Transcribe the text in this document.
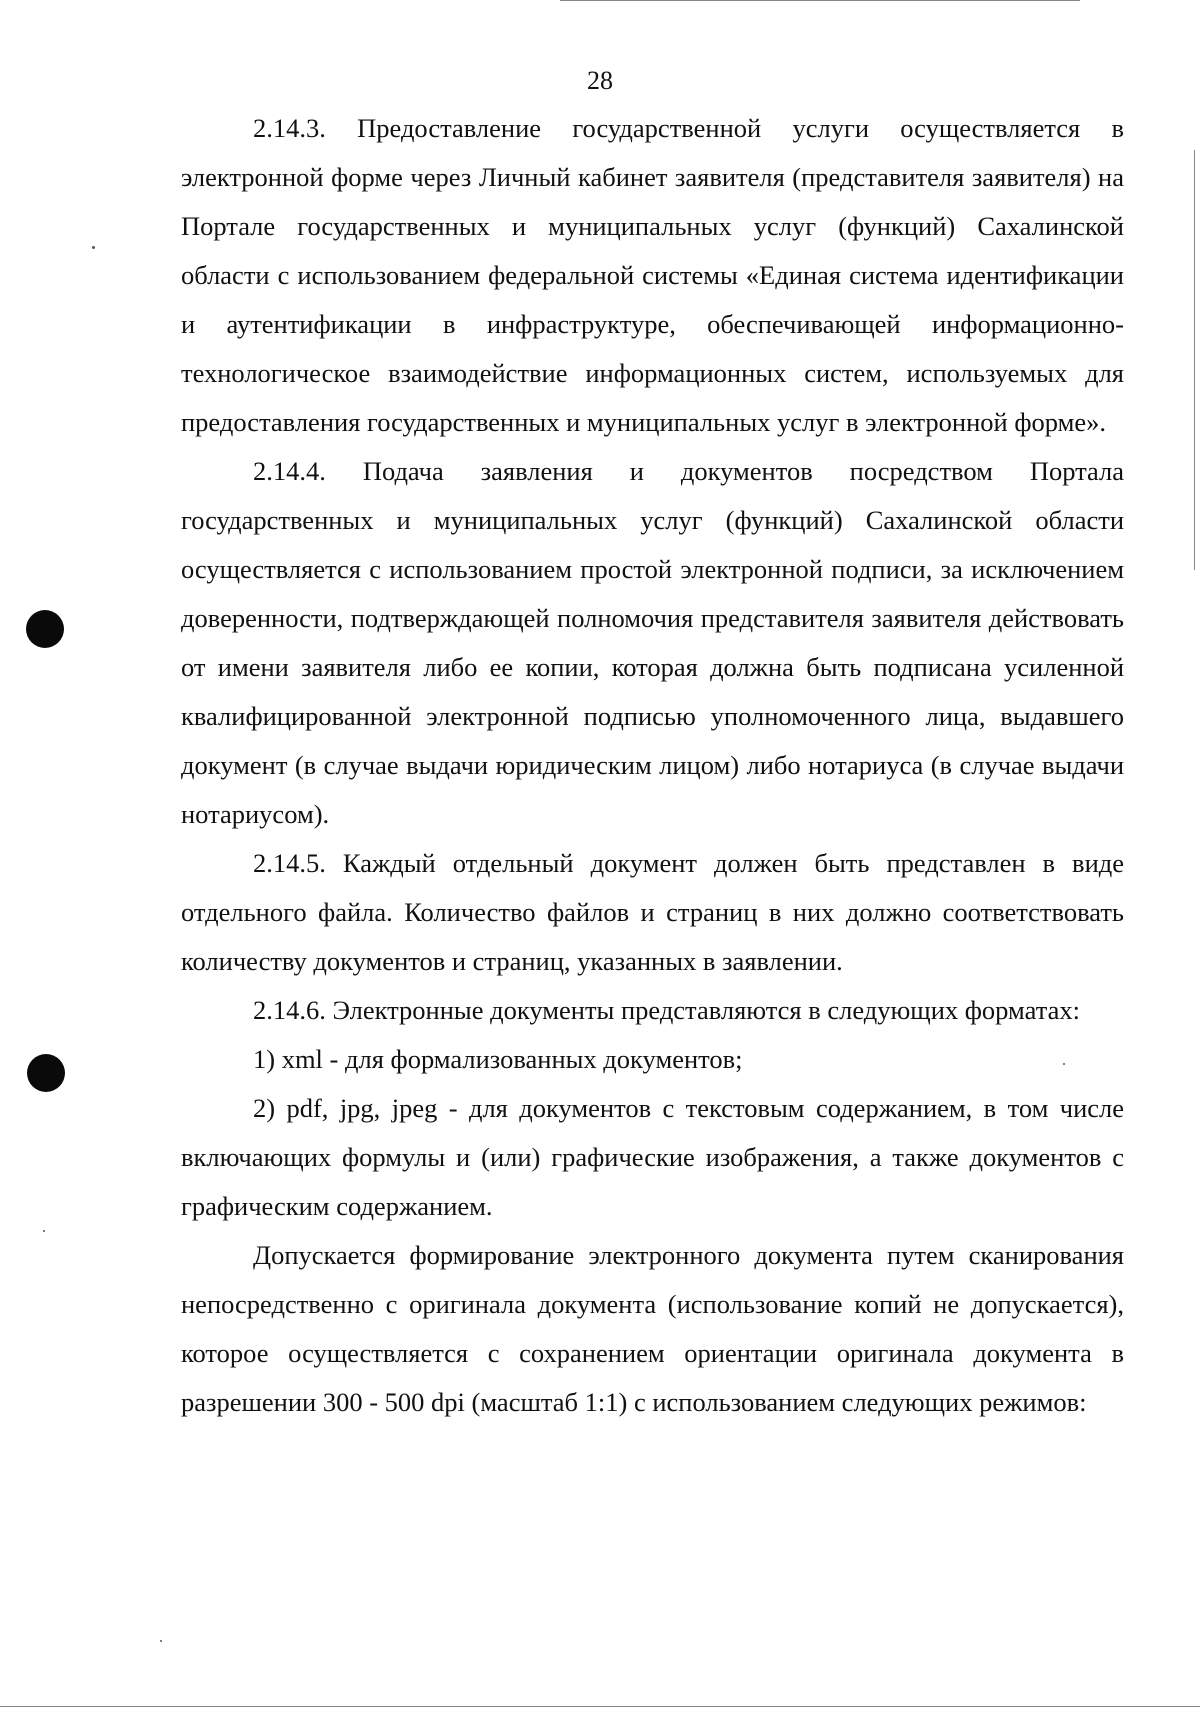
28

2.14.3. Предоставление государственной услуги осуществляется в электронной форме через Личный кабинет заявителя (представителя заявителя) на Портале государственных и муниципальных услуг (функций) Сахалинской области с использованием федеральной системы «Единая система идентификации и аутентификации в инфраструктуре, обеспечивающей информационно-технологическое взаимодействие информационных систем, используемых для предоставления государственных и муниципальных услуг в электронной форме».

2.14.4. Подача заявления и документов посредством Портала государственных и муниципальных услуг (функций) Сахалинской области осуществляется с использованием простой электронной подписи, за исключением доверенности, подтверждающей полномочия представителя заявителя действовать от имени заявителя либо ее копии, которая должна быть подписана усиленной квалифицированной электронной подписью уполномоченного лица, выдавшего документ (в случае выдачи юридическим лицом) либо нотариуса (в случае выдачи нотариусом).

2.14.5. Каждый отдельный документ должен быть представлен в виде отдельного файла. Количество файлов и страниц в них должно соответствовать количеству документов и страниц, указанных в заявлении.

2.14.6. Электронные документы представляются в следующих форматах:

1) xml - для формализованных документов;

2) pdf, jpg, jpeg - для документов с текстовым содержанием, в том числе включающих формулы и (или) графические изображения, а также документов с графическим содержанием.

Допускается формирование электронного документа путем сканирования непосредственно с оригинала документа (использование копий не допускается), которое осуществляется с сохранением ориентации оригинала документа в разрешении 300 - 500 dpi (масштаб 1:1) с использованием следующих режимов:
